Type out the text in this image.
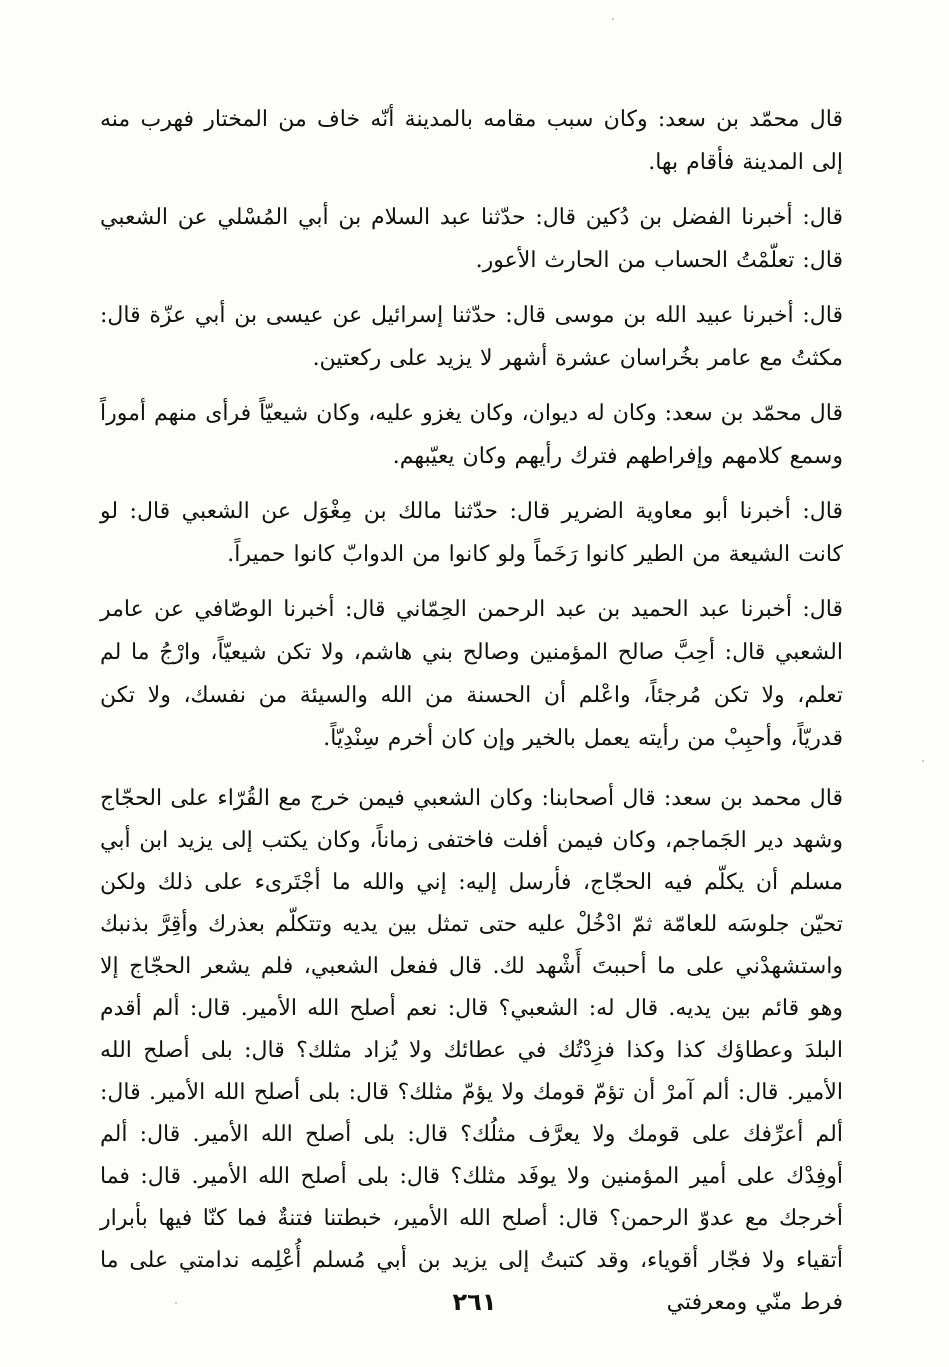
قال محمّد بن سعد: وكان سبب مقامه بالمدينة أنّه خاف من المختار فهرب منه إلى المدينة فأقام بها.

قال: أخبرنا الفضل بن دُكين قال: حدّثنا عبد السلام بن أبي المُسْلي عن الشعبي قال: تعلّمْتُ الحساب من الحارث الأعور.

قال: أخبرنا عبيد الله بن موسى قال: حدّثنا إسرائيل عن عيسى بن أبي عزّة قال: مكثتُ مع عامر بخُراسان عشرة أشهر لا يزيد على ركعتين.

قال محمّد بن سعد: وكان له ديوان، وكان يغزو عليه، وكان شيعيّاً فرأى منهم أموراً وسمع كلامهم وإفراطهم فترك رأيهم وكان يعيّبهم.

قال: أخبرنا أبو معاوية الضرير قال: حدّثنا مالك بن مِغْوَل عن الشعبي قال: لو كانت الشيعة من الطير كانوا رَخَماً ولو كانوا من الدوابّ كانوا حميراً.

قال: أخبرنا عبد الحميد بن عبد الرحمن الحِمّاني قال: أخبرنا الوصّافي عن عامر الشعبي قال: أحِبَّ صالح المؤمنين وصالح بني هاشم، ولا تكن شيعيّاً، وارْجُ ما لم تعلم، ولا تكن مُرجئاً، واعْلم أن الحسنة من الله والسيئة من نفسك، ولا تكن قدريّاً، وأحبِبْ من رأيته يعمل بالخير وإن كان أخرم سِنْدِيّاً.

قال محمد بن سعد: قال أصحابنا: وكان الشعبي فيمن خرج مع القُرّاء على الحجّاج وشهد دير الجَماجم، وكان فيمن أفلت فاختفى زماناً، وكان يكتب إلى يزيد ابن أبي مسلم أن يكلّم فيه الحجّاج، فأرسل إليه: إني والله ما أجْتَرىء على ذلك ولكن تحيّن جلوسَه للعامّة ثمّ ادْخُلْ عليه حتى تمثل بين يديه وتتكلّم بعذرك وأقِرَّ بذنبك واستشهدْني على ما أحببتَ أَشْهد لك. قال ففعل الشعبي، فلم يشعر الحجّاج إلا وهو قائم بين يديه. قال له: الشعبي؟ قال: نعم أصلح الله الأمير. قال: ألم أقدم البلدَ وعطاؤك كذا وكذا فزِدْتُك في عطائك ولا يُزاد مثلك؟ قال: بلى أصلح الله الأمير. قال: ألم آمرْ أن تؤمّ قومك ولا يؤمّ مثلك؟ قال: بلى أصلح الله الأمير. قال: ألم أعرِّفك على قومك ولا يعرَّف مثلُك؟ قال: بلى أصلح الله الأمير. قال: ألم أوفِدْك على أمير المؤمنين ولا يوفَد مثلك؟ قال: بلى أصلح الله الأمير. قال: فما أخرجك مع عدوّ الرحمن؟ قال: أصلح الله الأمير، خبطتنا فتنةٌ فما كنّا فيها بأبرار أتقياء ولا فجّار أقوياء، وقد كتبتُ إلى يزيد بن أبي مُسلم أُعْلِمه ندامتي على ما فرط منّي ومعرفتي

٢٦١
